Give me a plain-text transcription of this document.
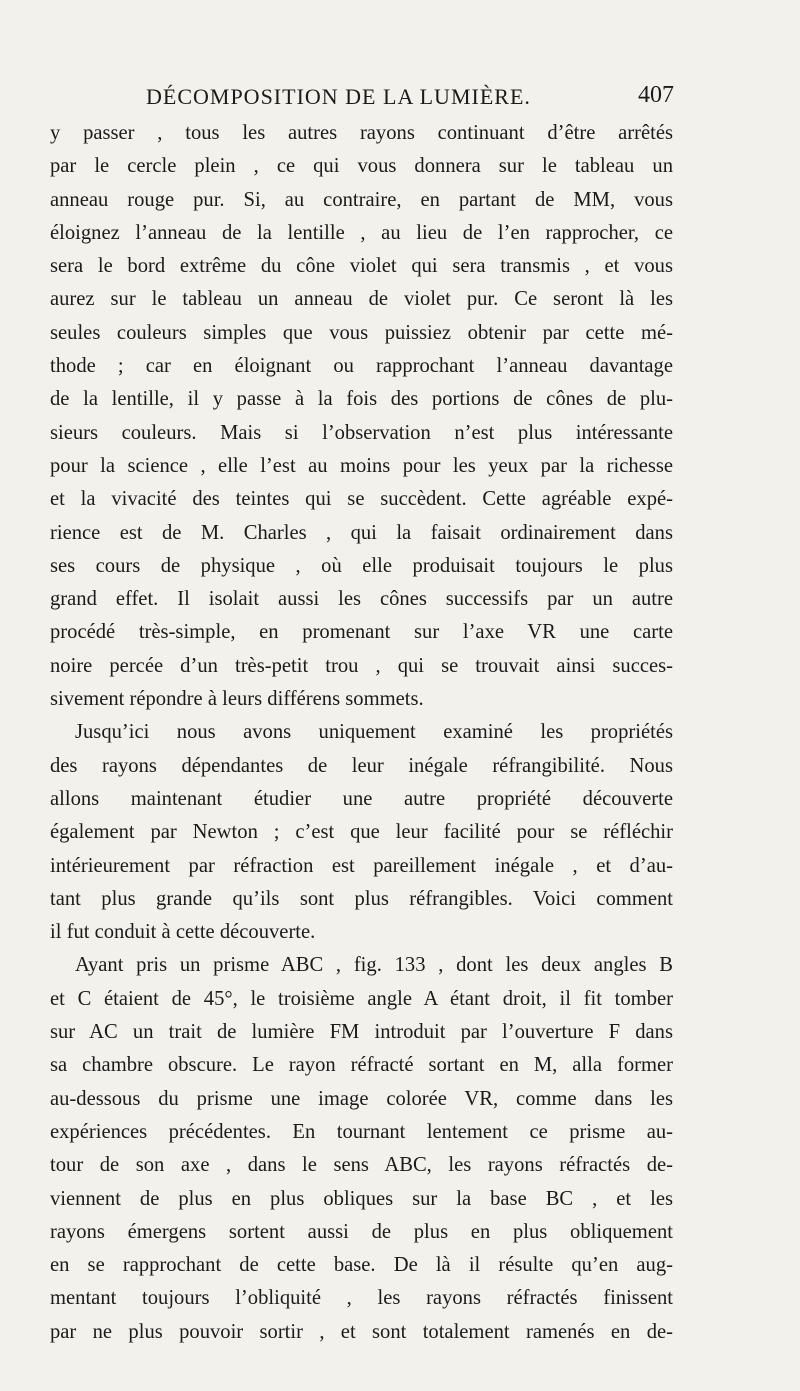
DÉCOMPOSITION DE LA LUMIÈRE.	407
y passer , tous les autres rayons continuant d’être arrêtés
par le cercle plein , ce qui vous donnera sur le tableau un
anneau rouge pur. Si, au contraire, en partant de MM, vous
éloignez l’anneau de la lentille , au lieu de l’en rapprocher, ce
sera le bord extrême du cône violet qui sera transmis , et vous
aurez sur le tableau un anneau de violet pur. Ce seront là les
seules couleurs simples que vous puissiez obtenir par cette mé-
thode ; car en éloignant ou rapprochant l’anneau davantage
de la lentille, il y passe à la fois des portions de cônes de plu-
sieurs couleurs. Mais si l’observation n’est plus intéressante
pour la science , elle l’est au moins pour les yeux par la richesse
et la vivacité des teintes qui se succèdent. Cette agréable expé-
rience est de M. Charles , qui la faisait ordinairement dans
ses cours de physique , où elle produisait toujours le plus
grand effet. Il isolait aussi les cônes successifs par un autre
procédé très-simple, en promenant sur l’axe VR une carte
noire percée d’un très-petit trou , qui se trouvait ainsi succes-
sivement répondre à leurs différens sommets.
Jusqu’ici nous avons uniquement examiné les propriétés
des rayons dépendantes de leur inégale réfrangibilité. Nous
allons maintenant étudier une autre propriété découverte
également par Newton ; c’est que leur facilité pour se réfléchir
intérieurement par réfraction est pareillement inégale , et d’au-
tant plus grande qu’ils sont plus réfrangibles. Voici comment
il fut conduit à cette découverte.
Ayant pris un prisme ABC , fig. 133 , dont les deux angles B
et C étaient de 45°, le troisième angle A étant droit, il fit tomber
sur AC un trait de lumière FM introduit par l’ouverture F dans
sa chambre obscure. Le rayon réfracté sortant en M, alla former
au-dessous du prisme une image colorée VR, comme dans les
expériences précédentes. En tournant lentement ce prisme au-
tour de son axe , dans le sens ABC, les rayons réfractés de-
viennent de plus en plus obliques sur la base BC , et les
rayons émergens sortent aussi de plus en plus obliquement
en se rapprochant de cette base. De là il résulte qu’en aug-
mentant toujours l’obliquité , les rayons réfractés finissent
par ne plus pouvoir sortir , et sont totalement ramenés en de-
